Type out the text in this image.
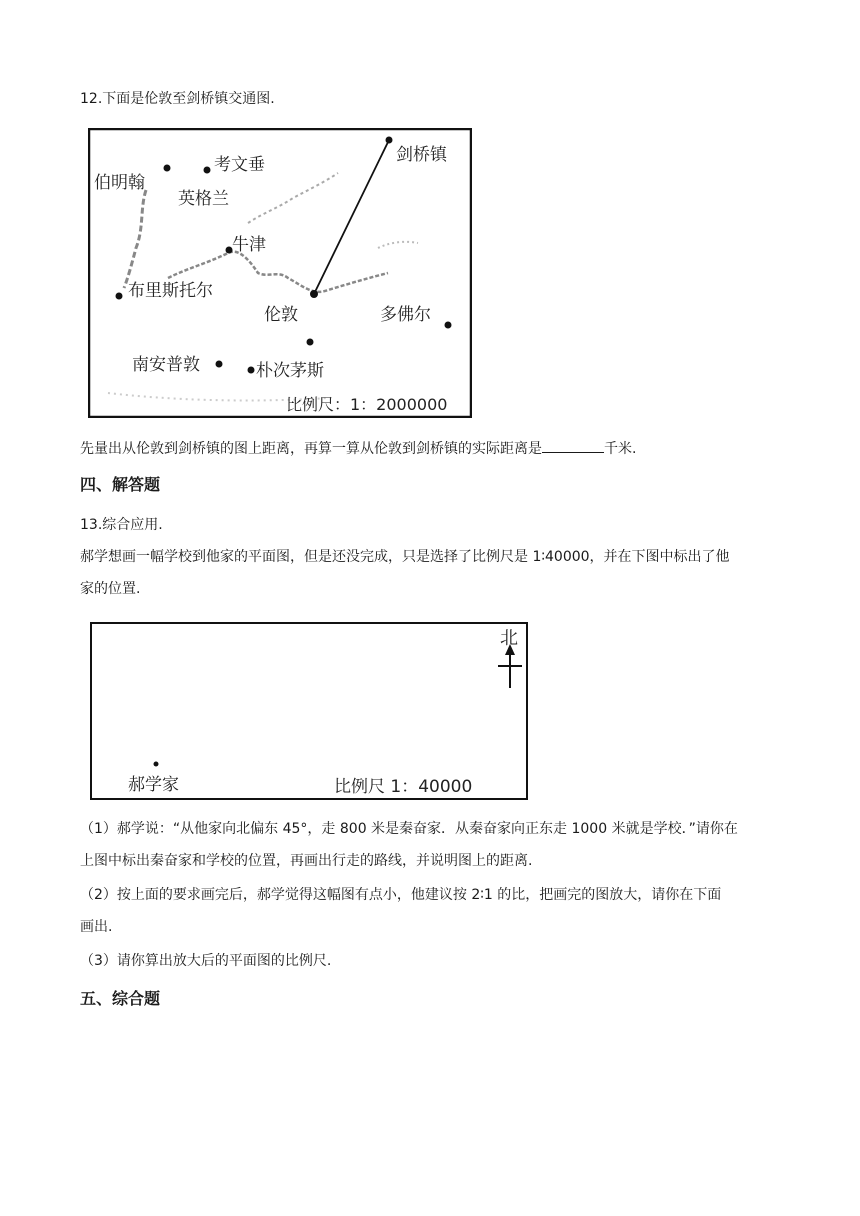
12.下面是伦敦至剑桥镇交通图.
剑桥镇
考文垂
伯明翰
英格兰
牛津
布里斯托尔
伦敦	多佛尔
南安普敦	朴次茅斯
比例尺：1：2000000
先量出从伦敦到剑桥镇的图上距离，再算一算从伦敦到剑桥镇的实际距离是	千米.
四、解答题
13.综合应用.
郝学想画一幅学校到他家的平面图，但是还没完成，只是选择了比例尺是 1∶40000，并在下图中标出了他
家的位置.
北
郝学家	比例尺 1：40000
（1）郝学说：“从他家向北偏东 45°，走 800 米是秦奋家．从秦奋家向正东走 1000 米就是学校．”请你在
上图中标出秦奋家和学校的位置，再画出行走的路线，并说明图上的距离.
（2）按上面的要求画完后，郝学觉得这幅图有点小，他建议按 2∶1 的比，把画完的图放大，请你在下面
画出.
（3）请你算出放大后的平面图的比例尺.
五、综合题
